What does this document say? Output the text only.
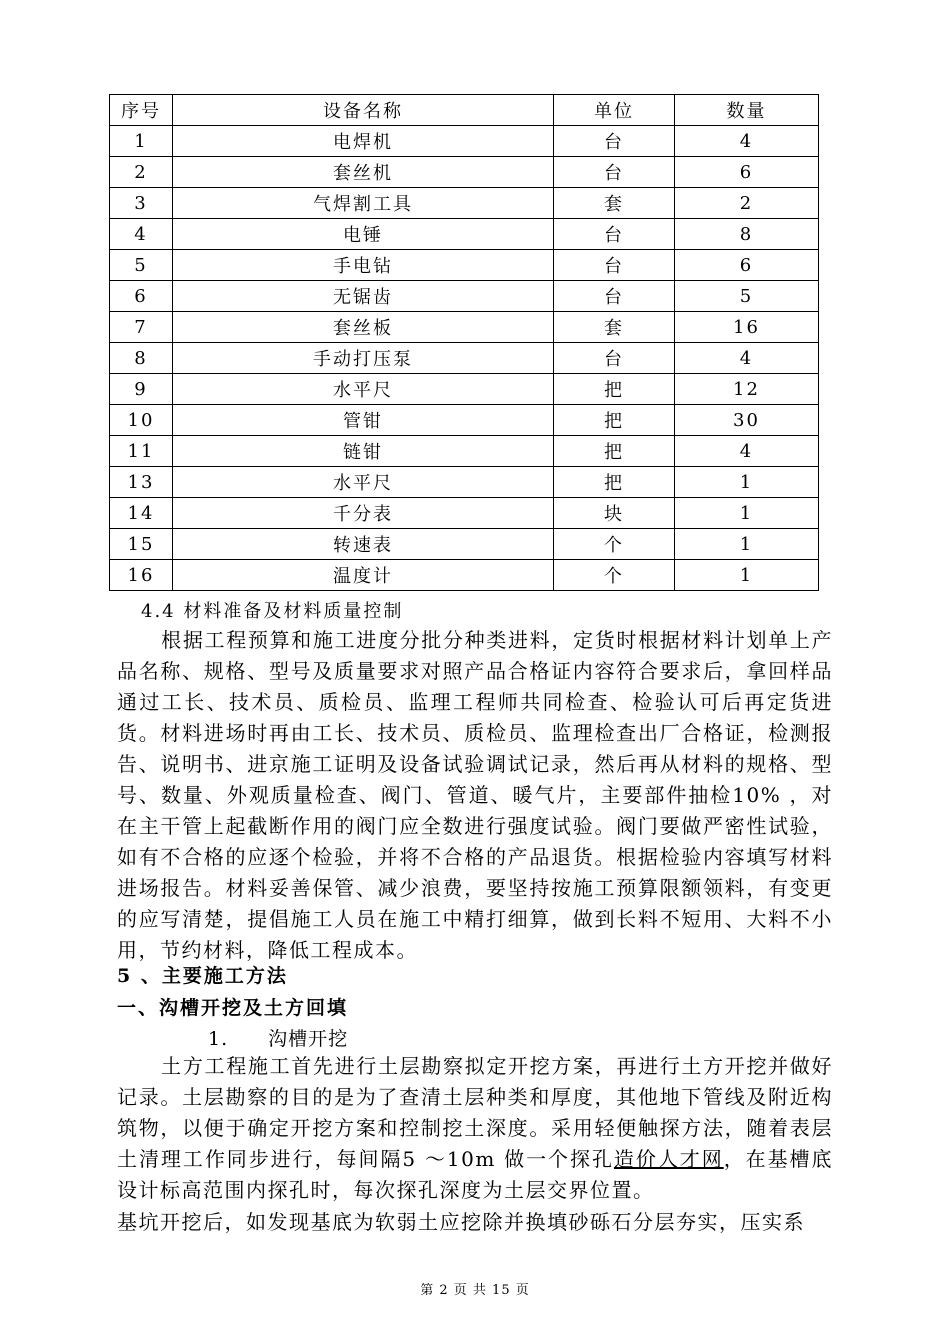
序号	设备名称	单位	数量
1	电焊机	台	4
2	套丝机	台	6
3	气焊割工具	套	2
4	电锤	台	8
5	手电钻	台	6
6	无锯齿	台	5
7	套丝板	套	16
8	手动打压泵	台	4
9	水平尺	把	12
10	管钳	把	30
11	链钳	把	4
13	水平尺	把	1
14	千分表	块	1
15	转速表	个	1
16	温度计	个	1
4.4 材料准备及材料质量控制

根据工程预算和施工进度分批分种类进料，定货时根据材料计划单上产品名称、规格、型号及质量要求对照产品合格证内容符合要求后，拿回样品通过工长、技术员、质检员、监理工程师共同检查、检验认可后再定货进货。材料进场时再由工长、技术员、质检员、监理检查出厂合格证，检测报告、说明书、进京施工证明及设备试验调试记录，然后再从材料的规格、型号、数量、外观质量检查、阀门、管道、暖气片，主要部件抽检10% ，对在主干管上起截断作用的阀门应全数进行强度试验。阀门要做严密性试验，如有不合格的应逐个检验，并将不合格的产品退货。根据检验内容填写材料进场报告。材料妥善保管、减少浪费，要坚持按施工预算限额领料，有变更的应写清楚，提倡施工人员在施工中精打细算，做到长料不短用、大料不小用，节约材料，降低工程成本。

5 、主要施工方法
一、沟槽开挖及土方回填
1. 沟槽开挖

土方工程施工首先进行土层勘察拟定开挖方案，再进行土方开挖并做好记录。土层勘察的目的是为了查清土层种类和厚度，其他地下管线及附近构筑物，以便于确定开挖方案和控制挖土深度。采用轻便触探方法，随着表层土清理工作同步进行，每间隔5 ～10m 做一个探孔造价人才网，在基槽底设计标高范围内探孔时，每次探孔深度为土层交界位置。

基坑开挖后，如发现基底为软弱土应挖除并换填砂砾石分层夯实，压实系

第 2 页 共 15 页
